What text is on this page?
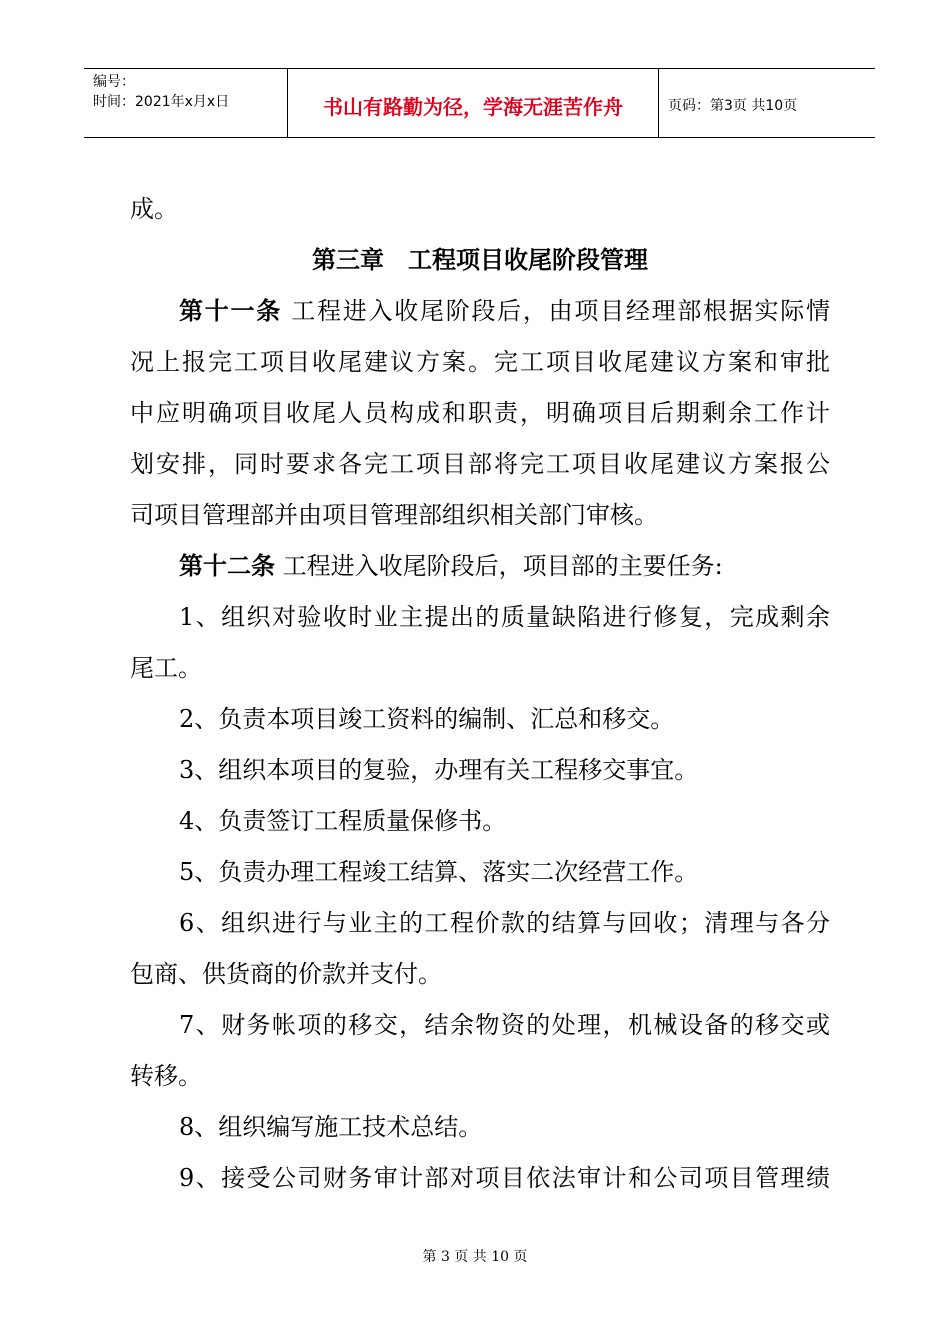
编号：
时间：2021年x月x日	书山有路勤为径，学海无涯苦作舟	页码：第3页 共10页
成。
第三章　工程项目收尾阶段管理
第十一条 工程进入收尾阶段后，由项目经理部根据实际情
况上报完工项目收尾建议方案。完工项目收尾建议方案和审批
中应明确项目收尾人员构成和职责，明确项目后期剩余工作计
划安排，同时要求各完工项目部将完工项目收尾建议方案报公
司项目管理部并由项目管理部组织相关部门审核。
第十二条 工程进入收尾阶段后，项目部的主要任务:
1、组织对验收时业主提出的质量缺陷进行修复，完成剩余
尾工。
2、负责本项目竣工资料的编制、汇总和移交。
3、组织本项目的复验，办理有关工程移交事宜。
4、负责签订工程质量保修书。
5、负责办理工程竣工结算、落实二次经营工作。
6、组织进行与业主的工程价款的结算与回收；清理与各分
包商、供货商的价款并支付。
7、财务帐项的移交，结余物资的处理，机械设备的移交或
转移。
8、组织编写施工技术总结。
9、接受公司财务审计部对项目依法审计和公司项目管理绩
第 3 页 共 10 页
